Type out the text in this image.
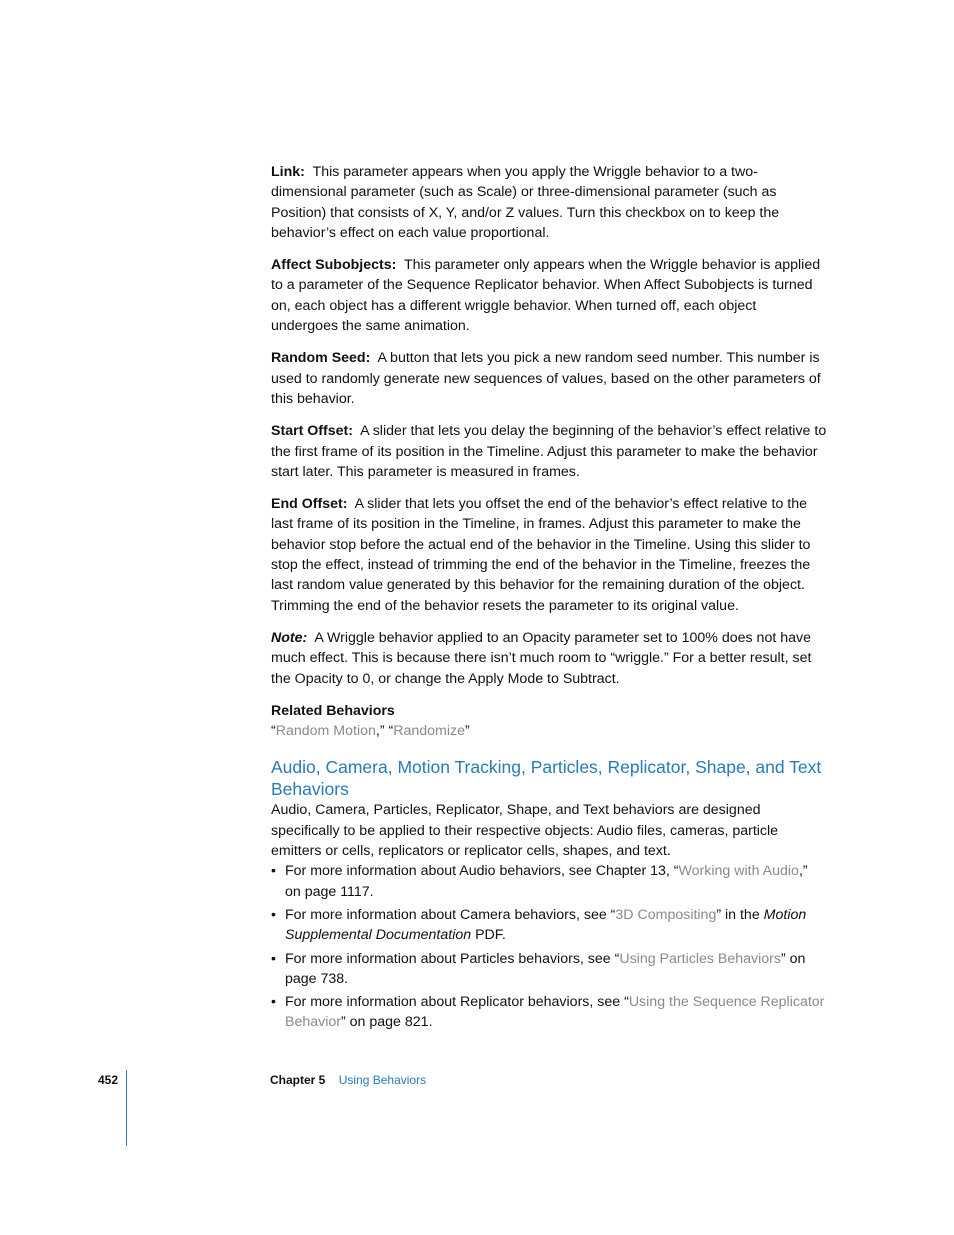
Link: This parameter appears when you apply the Wriggle behavior to a two-dimensional parameter (such as Scale) or three-dimensional parameter (such as Position) that consists of X, Y, and/or Z values. Turn this checkbox on to keep the behavior’s effect on each value proportional.

Affect Subobjects: This parameter only appears when the Wriggle behavior is applied to a parameter of the Sequence Replicator behavior. When Affect Subobjects is turned on, each object has a different wriggle behavior. When turned off, each object undergoes the same animation.

Random Seed: A button that lets you pick a new random seed number. This number is used to randomly generate new sequences of values, based on the other parameters of this behavior.

Start Offset: A slider that lets you delay the beginning of the behavior’s effect relative to the first frame of its position in the Timeline. Adjust this parameter to make the behavior start later. This parameter is measured in frames.

End Offset: A slider that lets you offset the end of the behavior’s effect relative to the last frame of its position in the Timeline, in frames. Adjust this parameter to make the behavior stop before the actual end of the behavior in the Timeline. Using this slider to stop the effect, instead of trimming the end of the behavior in the Timeline, freezes the last random value generated by this behavior for the remaining duration of the object. Trimming the end of the behavior resets the parameter to its original value.

Note: A Wriggle behavior applied to an Opacity parameter set to 100% does not have much effect. This is because there isn’t much room to “wriggle.” For a better result, set the Opacity to 0, or change the Apply Mode to Subtract.

Related Behaviors

“Random Motion,” “Randomize”

Audio, Camera, Motion Tracking, Particles, Replicator, Shape, and Text Behaviors

Audio, Camera, Particles, Replicator, Shape, and Text behaviors are designed specifically to be applied to their respective objects: Audio files, cameras, particle emitters or cells, replicators or replicator cells, shapes, and text.

• For more information about Audio behaviors, see Chapter 13, “Working with Audio,” on page 1117.
• For more information about Camera behaviors, see “3D Compositing” in the Motion Supplemental Documentation PDF.
• For more information about Particles behaviors, see “Using Particles Behaviors” on page 738.
• For more information about Replicator behaviors, see “Using the Sequence Replicator Behavior” on page 821.
452	Chapter 5 Using Behaviors
